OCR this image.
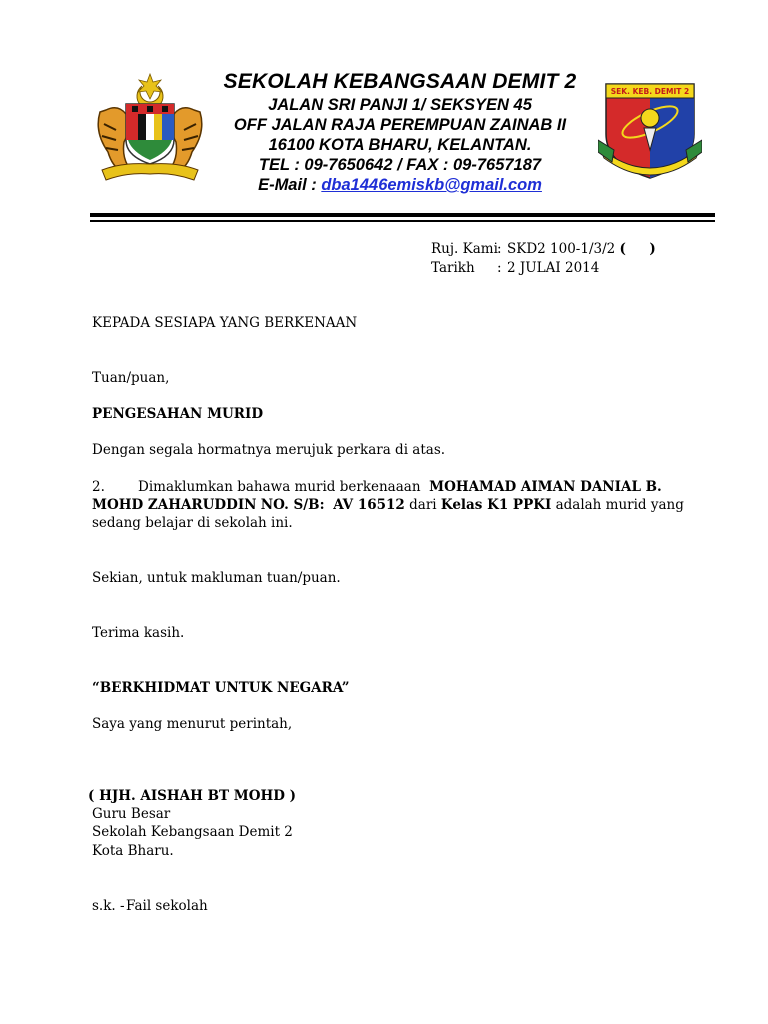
SEKOLAH KEBANGSAAN DEMIT 2
JALAN SRI PANJI 1/ SEKSYEN 45
OFF JALAN RAJA PEREMPUAN ZAINAB II
16100 KOTA BHARU, KELANTAN.
TEL : 09-7650642 / FAX : 09-7657187
E-Mail : dba1446emiskb@gmail.com
SEK. KEB. DEMIT 2
Ruj. Kami : SKD2 100-1/3/2 (     )
Tarikh : 2 JULAI 2014
KEPADA SESIAPA YANG BERKENAAN
Tuan/puan,
PENGESAHAN MURID
Dengan segala hormatnya merujuk perkara di atas.
2.	Dimaklumkan bahawa murid berkenaaan MOHAMAD AIMAN DANIAL B. MOHD ZAHARUDDIN NO. S/B: AV 16512 dari Kelas K1 PPKI adalah murid yang sedang belajar di sekolah ini.
Sekian, untuk makluman tuan/puan.
Terima kasih.
“BERKHIDMAT UNTUK NEGARA”
Saya yang menurut perintah,
( HJH. AISHAH BT MOHD )
Guru Besar
Sekolah Kebangsaan Demit 2
Kota Bharu.
s.k. - Fail sekolah
